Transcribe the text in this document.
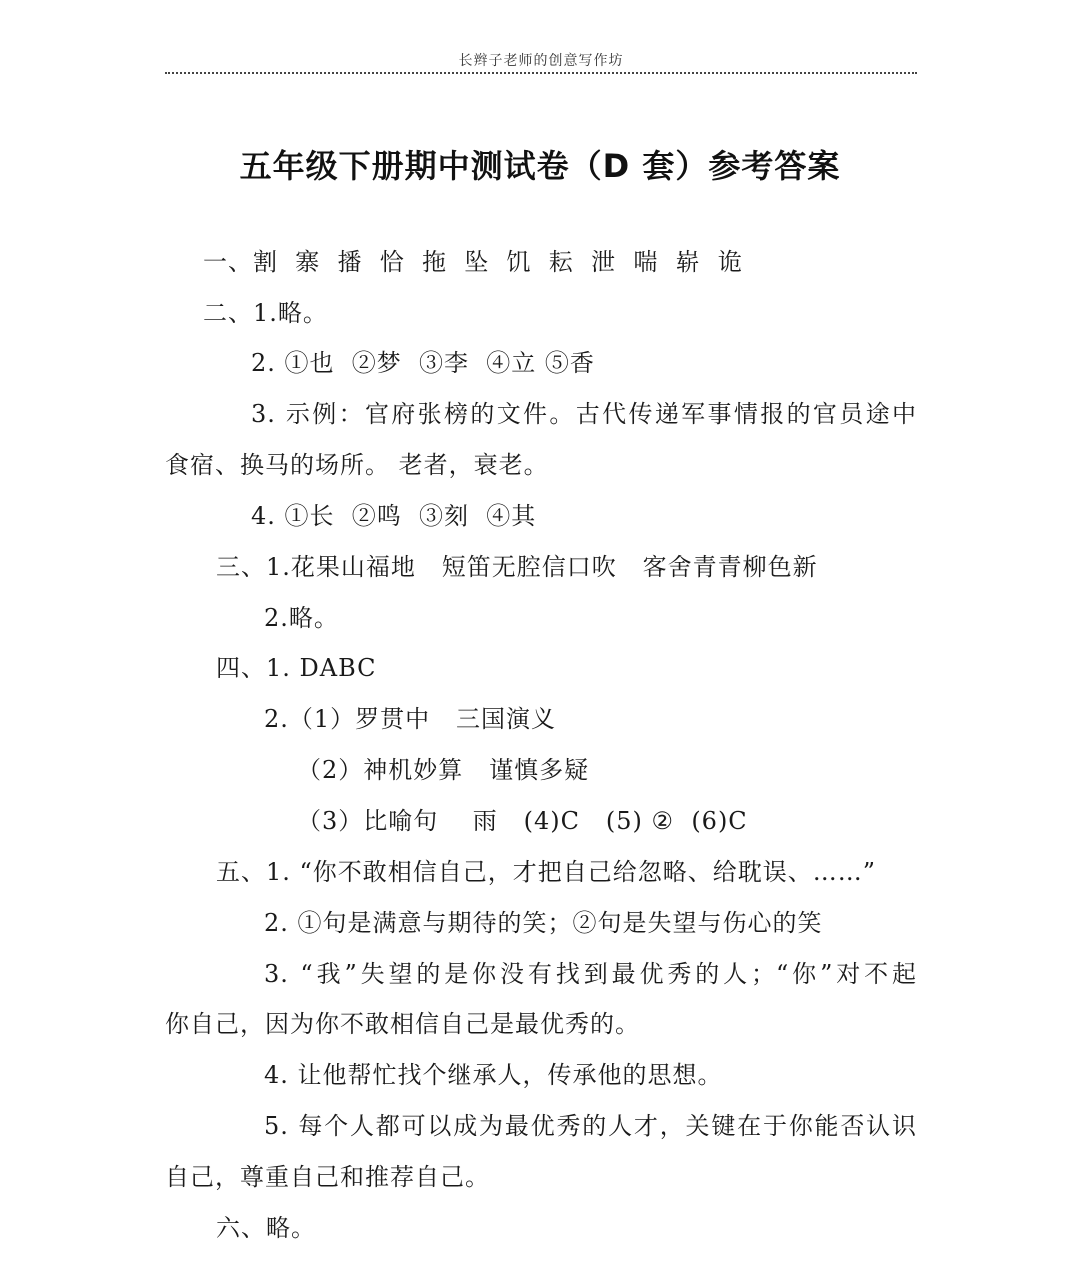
长辫子老师的创意写作坊
五年级下册期中测试卷（D 套）参考答案
一、割  寨  播  恰  拖  坠  饥  耘  泄  喘  崭  诡
二、1.略。
2. ①也  ②梦  ③李  ④立 ⑤香
3. 示例：官府张榜的文件。古代传递军事情报的官员途中
食宿、换马的场所。 老者，衰老。
4. ①长  ②鸣  ③刻  ④其
三、1.花果山福地   短笛无腔信口吹   客舍青青柳色新
2.略。
四、1. DABC
2.（1）罗贯中   三国演义
（2）神机妙算   谨慎多疑
（3）比喻句    雨   (4)C   (5) ②  (6)C
五、1. “你不敢相信自己，才把自己给忽略、给耽误、……”
2. ①句是满意与期待的笑；②句是失望与伤心的笑
3. “我”失望的是你没有找到最优秀的人；“你”对不起
你自己，因为你不敢相信自己是最优秀的。
4. 让他帮忙找个继承人，传承他的思想。
5. 每个人都可以成为最优秀的人才，关键在于你能否认识
自己，尊重自己和推荐自己。
六、略。
